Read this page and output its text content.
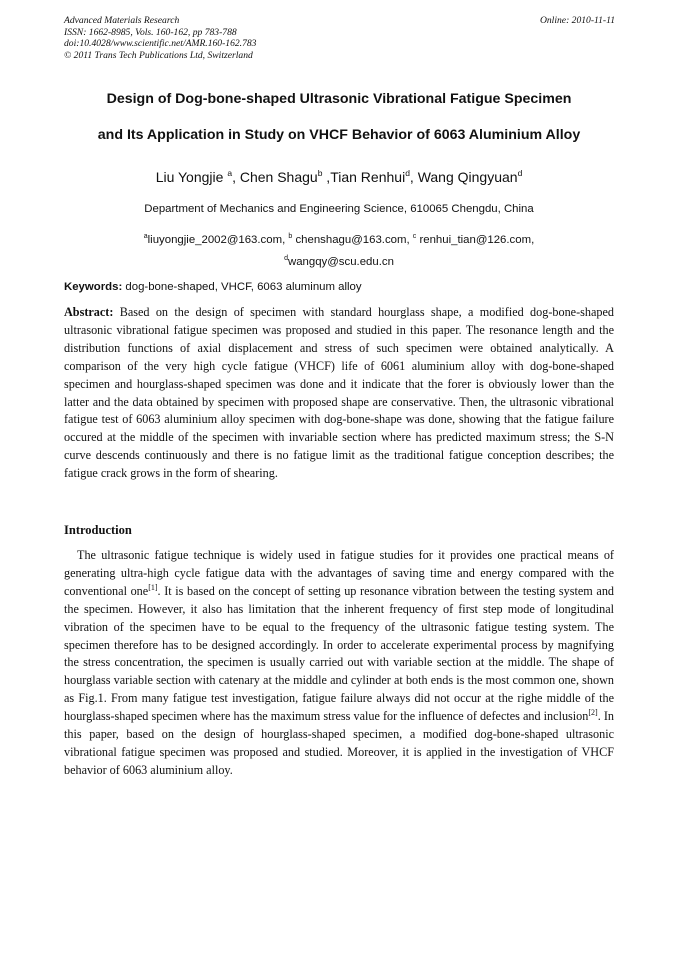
Advanced Materials Research
ISSN: 1662-8985, Vols. 160-162, pp 783-788
doi:10.4028/www.scientific.net/AMR.160-162.783
© 2011 Trans Tech Publications Ltd, Switzerland
Online: 2010-11-11
Design of Dog-bone-shaped Ultrasonic Vibrational Fatigue Specimen
and Its Application in Study on VHCF Behavior of 6063 Aluminium Alloy
Liu Yongjie $^a$, Chen Shagu$^b$ ,Tian Renhui$^d$, Wang Qingyuan$^d$
Department of Mechanics and Engineering Science, 610065 Chengdu, China
$^a$liuyongjie_2002@163.com, $^b$ chenshagu@163.com, $^c$ renhui_tian@126.com,
$^d$wangqy@scu.edu.cn
Keywords: dog-bone-shaped, VHCF, 6063 aluminum alloy
Abstract: Based on the design of specimen with standard hourglass shape, a modified dog-bone-shaped ultrasonic vibrational fatigue specimen was proposed and studied in this paper. The resonance length and the distribution functions of axial displacement and stress of such specimen were obtained analytically. A comparison of the very high cycle fatigue (VHCF) life of 6061 aluminium alloy with dog-bone-shaped specimen and hourglass-shaped specimen was done and it indicate that the forer is obviously lower than the latter and the data obtained by specimen with proposed shape are conservative. Then, the ultrasonic vibrational fatigue test of 6063 aluminium alloy specimen with dog-bone-shape was done, showing that the fatigue failure occured at the middle of the specimen with invariable section where has predicted maximum stress; the S-N curve descends continuously and there is no fatigue limit as the traditional fatigue conception describes; the fatigue crack grows in the form of shearing.
Introduction
The ultrasonic fatigue technique is widely used in fatigue studies for it provides one practical means of generating ultra-high cycle fatigue data with the advantages of saving time and energy compared with the conventional one[1]. It is based on the concept of setting up resonance vibration between the testing system and the specimen. However, it also has limitation that the inherent frequency of first step mode of longitudinal vibration of the specimen have to be equal to the frequency of the ultrasonic fatigue testing system. The specimen therefore has to be designed accordingly. In order to accelerate experimental process by magnifying the stress concentration, the specimen is usually carried out with variable section at the middle. The shape of hourglass variable section with catenary at the middle and cylinder at both ends is the most common one, shown as Fig.1. From many fatigue test investigation, fatigue failure always did not occur at the righe middle of the hourglass-shaped specimen where has the maximum stress value for the influence of defectes and inclusion[2]. In this paper, based on the design of hourglass-shaped specimen, a modified dog-bone-shaped ultrasonic vibrational fatigue specimen was proposed and studied. Moreover, it is applied in the investigation of VHCF behavior of 6063 aluminium alloy.
